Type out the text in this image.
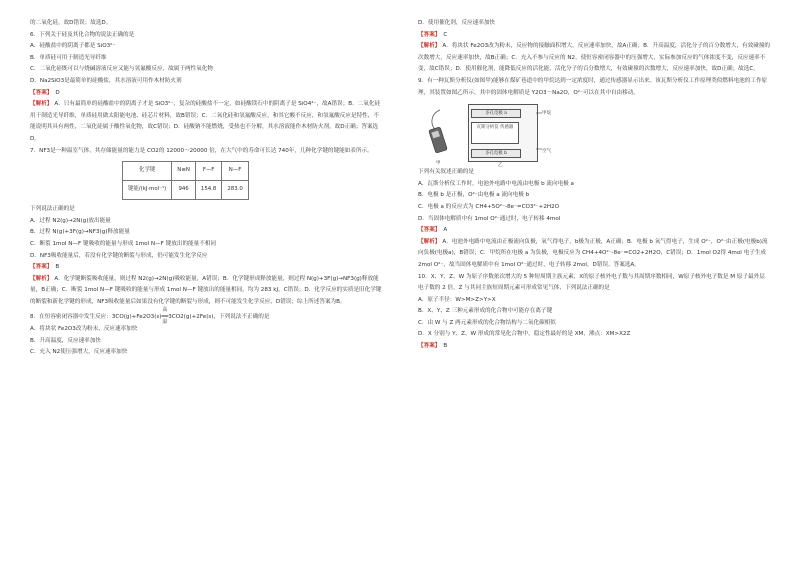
的二氧化硅，故D错误；故选D。

6．下列关于硅及其化合物的说法正确的是

A．硅酸盐中的阴离子都是 SiO3²⁻

B．单质硅可用于制造光导纤维

C．二氧化硅既可以与烧碱溶液反应又能与氢氟酸反应，故属于两性氧化物

D．Na2SiO3是最简单的硅酸盐，其水溶液可用作木材防火剂

【答案】 D

【解析】 A．只有最简单的硅酸盐中的阴离子才是 SiO3²⁻，复杂的硅酸盐不一定，如硅酸镁石中的阴离子是 SiO4⁴⁻，故A错误；B．二氧化硅用于制造光导纤维，单质硅用做太阳能电池、硅芯片材料，故B错误；C．二氧化硅和氢氟酸反应，和其它酸不反应，和氢氟酸反应是特性，不能说明其具有两性，二氧化硅属于酸性氧化物，故C错误；D．硅酸钠不能燃烧，受热也不分解，其水溶液能作木材防火剂，故D正确；答案选D。

7．NF3是一种温室气体，其存储能量的能力是 CO2的 12000～20000 倍，在大气中的寿命可长达 740年，几种化学键的键能如表所示。

化学键	N≡N	F—F	N—F
键能/(kJ·mol⁻¹)	946	154.8	283.0

下列说法正确的是

A．过程 N2(g)→2N(g)放出能量

B．过程 N(g)+3F(g)→NF3(g)释放能量

C．断裂 1mol N—F 键吸收的能量与形成 1mol N—F 键放出的能量不相同

D．NF3吸收能量后，若没有化学键的断裂与形成，仍可能发生化学反应

【答案】 B

【解析】 A．化学键断裂吸收能量，则过程 N2(g)→2N(g)吸收能量，A错误；B．化学键形成释放能量，则过程 N(g)+3F(g)→NF3(g)释放能量，B正确；C．断裂 1mol N—F 键吸收的能量与形成 1mol N—F 键放出的能量相同，均为 283 kJ，C错误；D．化学反应的实质是旧化学键的断裂和新化学键的形成，NF3吸收能量后如果没有化学键的断裂与形成，则不可能发生化学反应，D错误；综上所述答案为B。

8．在恒容密闭容器中发生反应：3CO(g)+Fe2O3(s)
高温
══3CO2(g)+2Fe(s)，下列说法不正确的是

A．将块状 Fe2O3改为粉末，反应速率加快

B．升高温度，反应速率加快

C．充入 N2使压强增大，反应速率加快

D．使用催化剂，反应速率加快

【答案】 C

【解析】 A．将块状 Fe2O3改为粉末，反应物的接触面积增大，反应速率加快，故A正确；B．升高温度，活化分子的百分数增大，有效碰撞的次数增大，反应速率加快，故B正确；C．充入不参与反应的 N2，使恒容密闭容器中的压强增大，实际参加反应的气体浓度不变，反应速率不变，故C错误；D．使用催化剂，能降低反应的活化能，活化分子的百分数增大，有效碰撞的次数增大，反应速率加快，故D正确；故选C。

9．有一种瓦斯分析仪(如图甲)能够在煤矿巷道中的甲烷达到一定浓度时，通过传感器显示出来。该瓦斯分析仪工作原理类似燃料电池的工作原理，其装置如图乙所示，其中的固体电解质是 Y2O3－Na2O，O²⁻可以在其中自由移动。

甲
多孔电极 a
瓦斯分析仪 传感器
多孔电极 b
甲烷
空气
乙

下列有关叙述正确的是

A．瓦斯分析仪工作时，电池外电路中电流由电极 b 流向电极 a

B．电极 b 是正极，O²⁻由电极 a 流向电极 b

C．电极 a 的反应式为 CH4+5O²⁻-8e⁻=CO3²⁻+2H2O

D．当固体电解质中有 1mol O²⁻通过时，电子转移 4mol

【答案】 A

【解析】 A．电池外电路中电流由正极流向负极，氧气得电子，b极为正极，A正确；B．电极 b 氧气得电子，生成 O²⁻，O²⁻由正极(电极b)流向负极(电极a)，B错误；C．甲烷所在电极 a 为负极，电极反应为 CH4+4O²⁻-8e⁻=CO2+2H2O，C错误；D．1mol O2得 4mol 电子生成 2mol O²⁻，故当固体电解质中有 1mol O²⁻通过时，电子转移 2mol，D错误。答案选A。

10．X、Y、Z、W 为原子序数依次增大的 5 种短周期主族元素，X的原子核外电子数与其周期序数相同，W原子核外电子数是 M 原子最外层电子数的 2 倍，Z 与其同主族短周期元素可形成常见气体，下列说法正确的是

A．原子半径：W>M>Z>Y>X

B．X、Y、Z 三种元素形成的化合物中可能存在离子键

C．由 W 与 Z 两元素形成的化合物结构与二氧化碳相似

D．X 分别与 Y、Z、W 形成的常见化合物中，稳定性最好的是 XM，沸点：XM>X2Z

【答案】 B
